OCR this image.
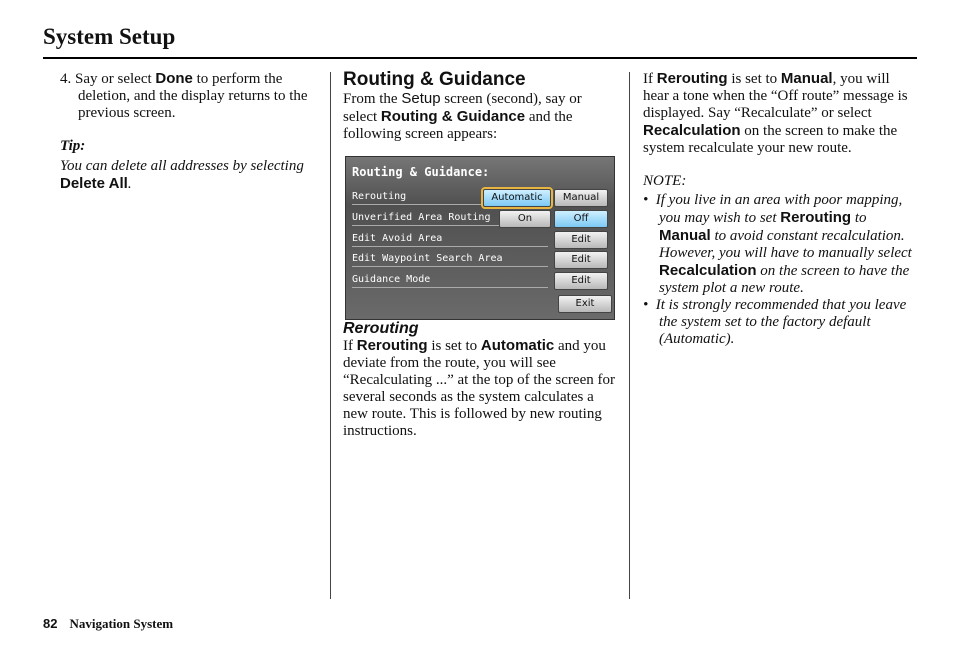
System Setup

4. Say or select Done to perform the deletion, and the display returns to the previous screen.

Tip:

You can delete all addresses by selecting Delete All.

Routing & Guidance

From the Setup screen (second), say or select Routing & Guidance and the following screen appears:

Routing & Guidance:
Rerouting
Unverified Area Routing
Edit Avoid Area
Edit Waypoint Search Area
Guidance Mode
Automatic	Manual
On	Off
Edit
Edit
Edit
Exit

Rerouting

If Rerouting is set to Automatic and you deviate from the route, you will see “Recalculating ...” at the top of the screen for several seconds as the system calculates a new route. This is followed by new routing instructions.

If Rerouting is set to Manual, you will hear a tone when the “Off route” message is displayed. Say “Recalculate” or select Recalculation on the screen to make the system recalculate your new route.

NOTE:

•  If you live in an area with poor mapping, you may wish to set Rerouting to Manual to avoid constant recalculation. However, you will have to manually select Recalculation on the screen to have the system plot a new route.

•  It is strongly recommended that you leave the system set to the factory default (Automatic).

82 Navigation System
